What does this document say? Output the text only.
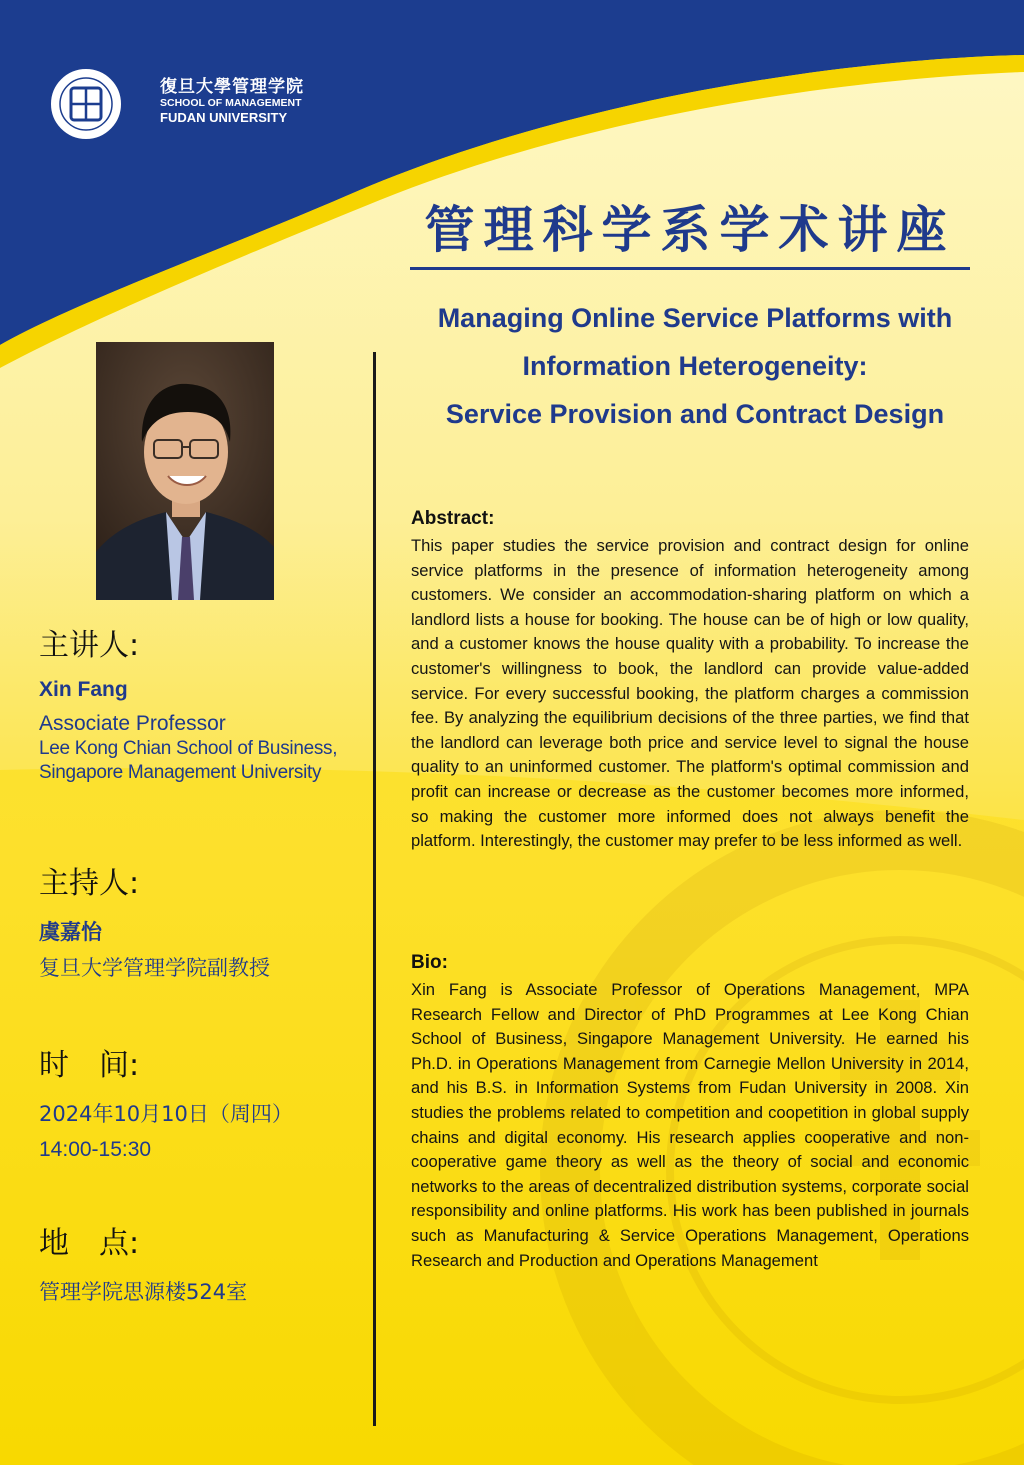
復旦大學管理学院
SCHOOL OF MANAGEMENT
FUDAN UNIVERSITY
管理科学系学术讲座
Managing Online Service Platforms with
Information Heterogeneity:
Service Provision and Contract Design
主讲人:
Xin Fang
Associate Professor
Lee Kong Chian School of Business,
Singapore Management University
主持人:
虞嘉怡
复旦大学管理学院副教授
时　间:
2024年10月10日（周四）
14:00-15:30
地　点:
管理学院思源楼524室
Abstract:
This paper studies the service provision and contract design for online service platforms in the presence of information heterogeneity among customers. We consider an accommodation-sharing platform on which a landlord lists a house for booking. The house can be of high or low quality, and a customer knows the house quality with a probability. To increase the customer's willingness to book, the landlord can provide value-added service. For every successful booking, the platform charges a commission fee. By analyzing the equilibrium decisions of the three parties, we find that the landlord can leverage both price and service level to signal the house quality to an uninformed customer. The platform's optimal commission and profit can increase or decrease as the customer becomes more informed, so making the customer more informed does not always benefit the platform. Interestingly, the customer may prefer to be less informed as well.
Bio:
Xin Fang is Associate Professor of Operations Management, MPA Research Fellow and Director of PhD Programmes at Lee Kong Chian School of Business, Singapore Management University. He earned his Ph.D. in Operations Management from Carnegie Mellon University in 2014, and his B.S. in Information Systems from Fudan University in 2008. Xin studies the problems related to competition and coopetition in global supply chains and digital economy. His research applies cooperative and non-cooperative game theory as well as the theory of social and economic networks to the areas of decentralized distribution systems, corporate social responsibility and online platforms. His work has been published in journals such as Manufacturing & Service Operations Management, Operations Research and Production and Operations Management
